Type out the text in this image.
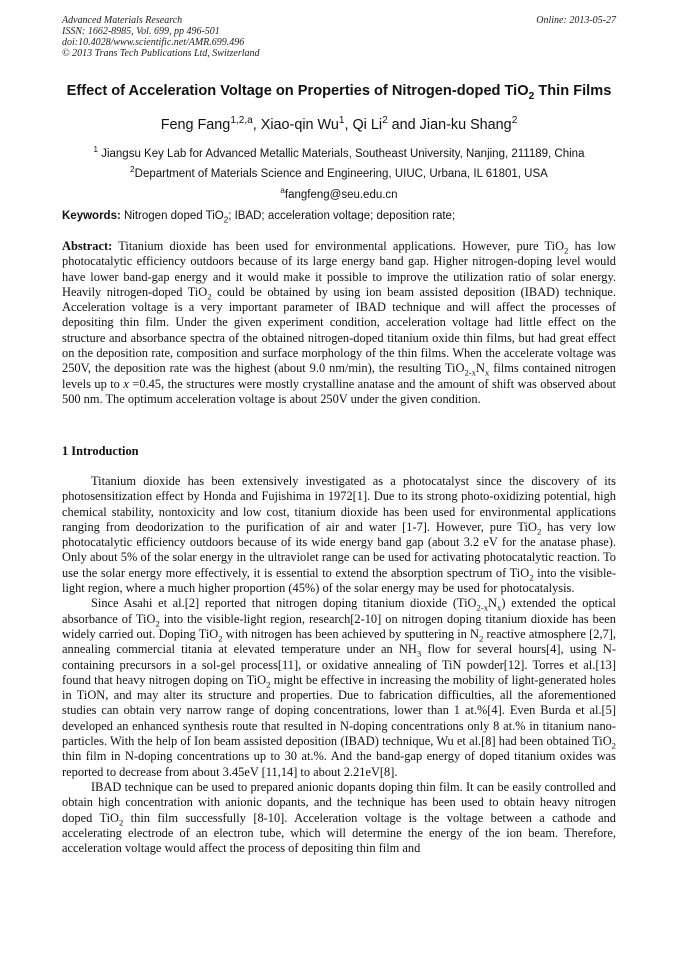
Advanced Materials Research
ISSN: 1662-8985, Vol. 699, pp 496-501
doi:10.4028/www.scientific.net/AMR.699.496
© 2013 Trans Tech Publications Ltd, Switzerland
Online: 2013-05-27
Effect of Acceleration Voltage on Properties of Nitrogen-doped TiO$_2$ Thin Films
Feng Fang$^{1,2,a}$, Xiao-qin Wu$^1$, Qi Li$^2$ and Jian-ku Shang$^2$
$^1$ Jiangsu Key Lab for Advanced Metallic Materials, Southeast University, Nanjing, 211189, China
$^2$Department of Materials Science and Engineering, UIUC, Urbana, IL 61801, USA
$^a$fangfeng@seu.edu.cn
Keywords: Nitrogen doped TiO$_2$; IBAD; acceleration voltage; deposition rate;
Abstract: Titanium dioxide has been used for environmental applications. However, pure TiO$_2$ has low photocatalytic efficiency outdoors because of its large energy band gap. Higher nitrogen-doping level would have lower band-gap energy and it would make it possible to improve the utilization ratio of solar energy. Heavily nitrogen-doped TiO$_2$ could be obtained by using ion beam assisted deposition (IBAD) technique. Acceleration voltage is a very important parameter of IBAD technique and will affect the processes of depositing thin film. Under the given experiment condition, acceleration voltage had little effect on the structure and absorbance spectra of the obtained nitrogen-doped titanium oxide thin films, but had great effect on the deposition rate, composition and surface morphology of the thin films. When the accelerate voltage was 250V, the deposition rate was the highest (about 9.0 nm/min), the resulting $TiO_{2-x}N_x$ films contained nitrogen levels up to x =0.45, the structures were mostly crystalline anatase and the amount of shift was observed about 500 nm. The optimum acceleration voltage is about 250V under the given condition.
1 Introduction

Titanium dioxide has been extensively investigated as a photocatalyst since the discovery of its photosensitization effect by Honda and Fujishima in 1972[1]. Due to its strong photo-oxidizing potential, high chemical stability, nontoxicity and low cost, titanium dioxide has been used for environmental applications ranging from deodorization to the purification of air and water [1-7]. However, pure TiO$_2$ has very low photocatalytic efficiency outdoors because of its wide energy band gap (about 3.2 eV for the anatase phase). Only about 5% of the solar energy in the ultraviolet range can be used for activating photocatalytic reaction. To use the solar energy more effectively, it is essential to extend the absorption spectrum of TiO$_2$ into the visible-light region, where a much higher proportion (45%) of the solar energy may be used for photocatalysis.

Since Asahi et al.[2] reported that nitrogen doping titanium dioxide $(TiO_{2-x}N_x)$ extended the optical absorbance of TiO$_2$ into the visible-light region, research[2-10] on nitrogen doping titanium dioxide has been widely carried out. Doping TiO$_2$ with nitrogen has been achieved by sputtering in $N_2$ reactive atmosphere [2,7], annealing commercial titania at elevated temperature under an $NH_3$ flow for several hours[4], using N-containing precursors in a sol-gel process[11], or oxidative annealing of TiN powder[12]. Torres et al.[13] found that heavy nitrogen doping on TiO$_2$ might be effective in increasing the mobility of light-generated holes in TiON, and may alter its structure and properties. Due to fabrication difficulties, all the aforementioned studies can obtain very narrow range of doping concentrations, lower than 1 at.%[4]. Even Burda et al.[5] developed an enhanced synthesis route that resulted in N-doping concentrations only 8 at.% in titanium nano-particles. With the help of Ion beam assisted deposition (IBAD) technique, Wu et al.[8] had been obtained TiO$_2$ thin film in N-doping concentrations up to 30 at.%. And the band-gap energy of doped titanium oxides was reported to decrease from about 3.45eV [11,14] to about 2.21eV[8].

IBAD technique can be used to prepared anionic dopants doping thin film. It can be easily controlled and obtain high concentration with anionic dopants, and the technique has been used to obtain heavy nitrogen doped TiO$_2$ thin film successfully [8-10]. Acceleration voltage is the voltage between a cathode and accelerating electrode of an electron tube, which will determine the energy of the ion beam. Therefore, acceleration voltage would affect the process of depositing thin film and
